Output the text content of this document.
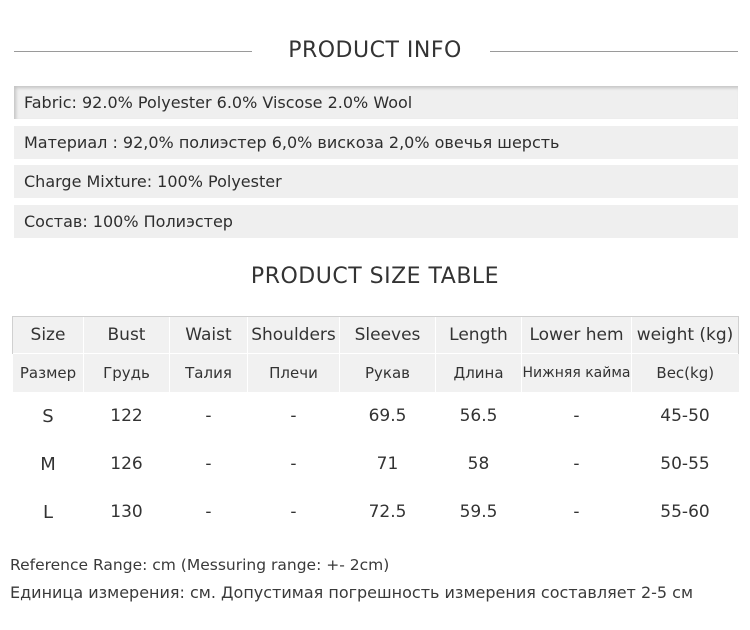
PRODUCT INFO
Fabric: 92.0% Polyester 6.0% Viscose 2.0% Wool
Материал : 92,0% полиэстер 6,0% вискоза 2,0% овечья шерсть
Charge Mixture: 100% Polyester
Состав: 100% Полиэстер
PRODUCT SIZE TABLE
Size	Bust	Waist	Shoulders	Sleeves	Length	Lower hem	weight (kg)
Размер	Грудь	Талия	Плечи	Рукав	Длина	Нижняя кайма	Вес(kg)
S	122	-	-	69.5	56.5	-	45-50
M	126	-	-	71	58	-	50-55
L	130	-	-	72.5	59.5	-	55-60
Reference Range: cm (Messuring range: +- 2cm)
Единица измерения: см. Допустимая погрешность измерения составляет 2-5 см
